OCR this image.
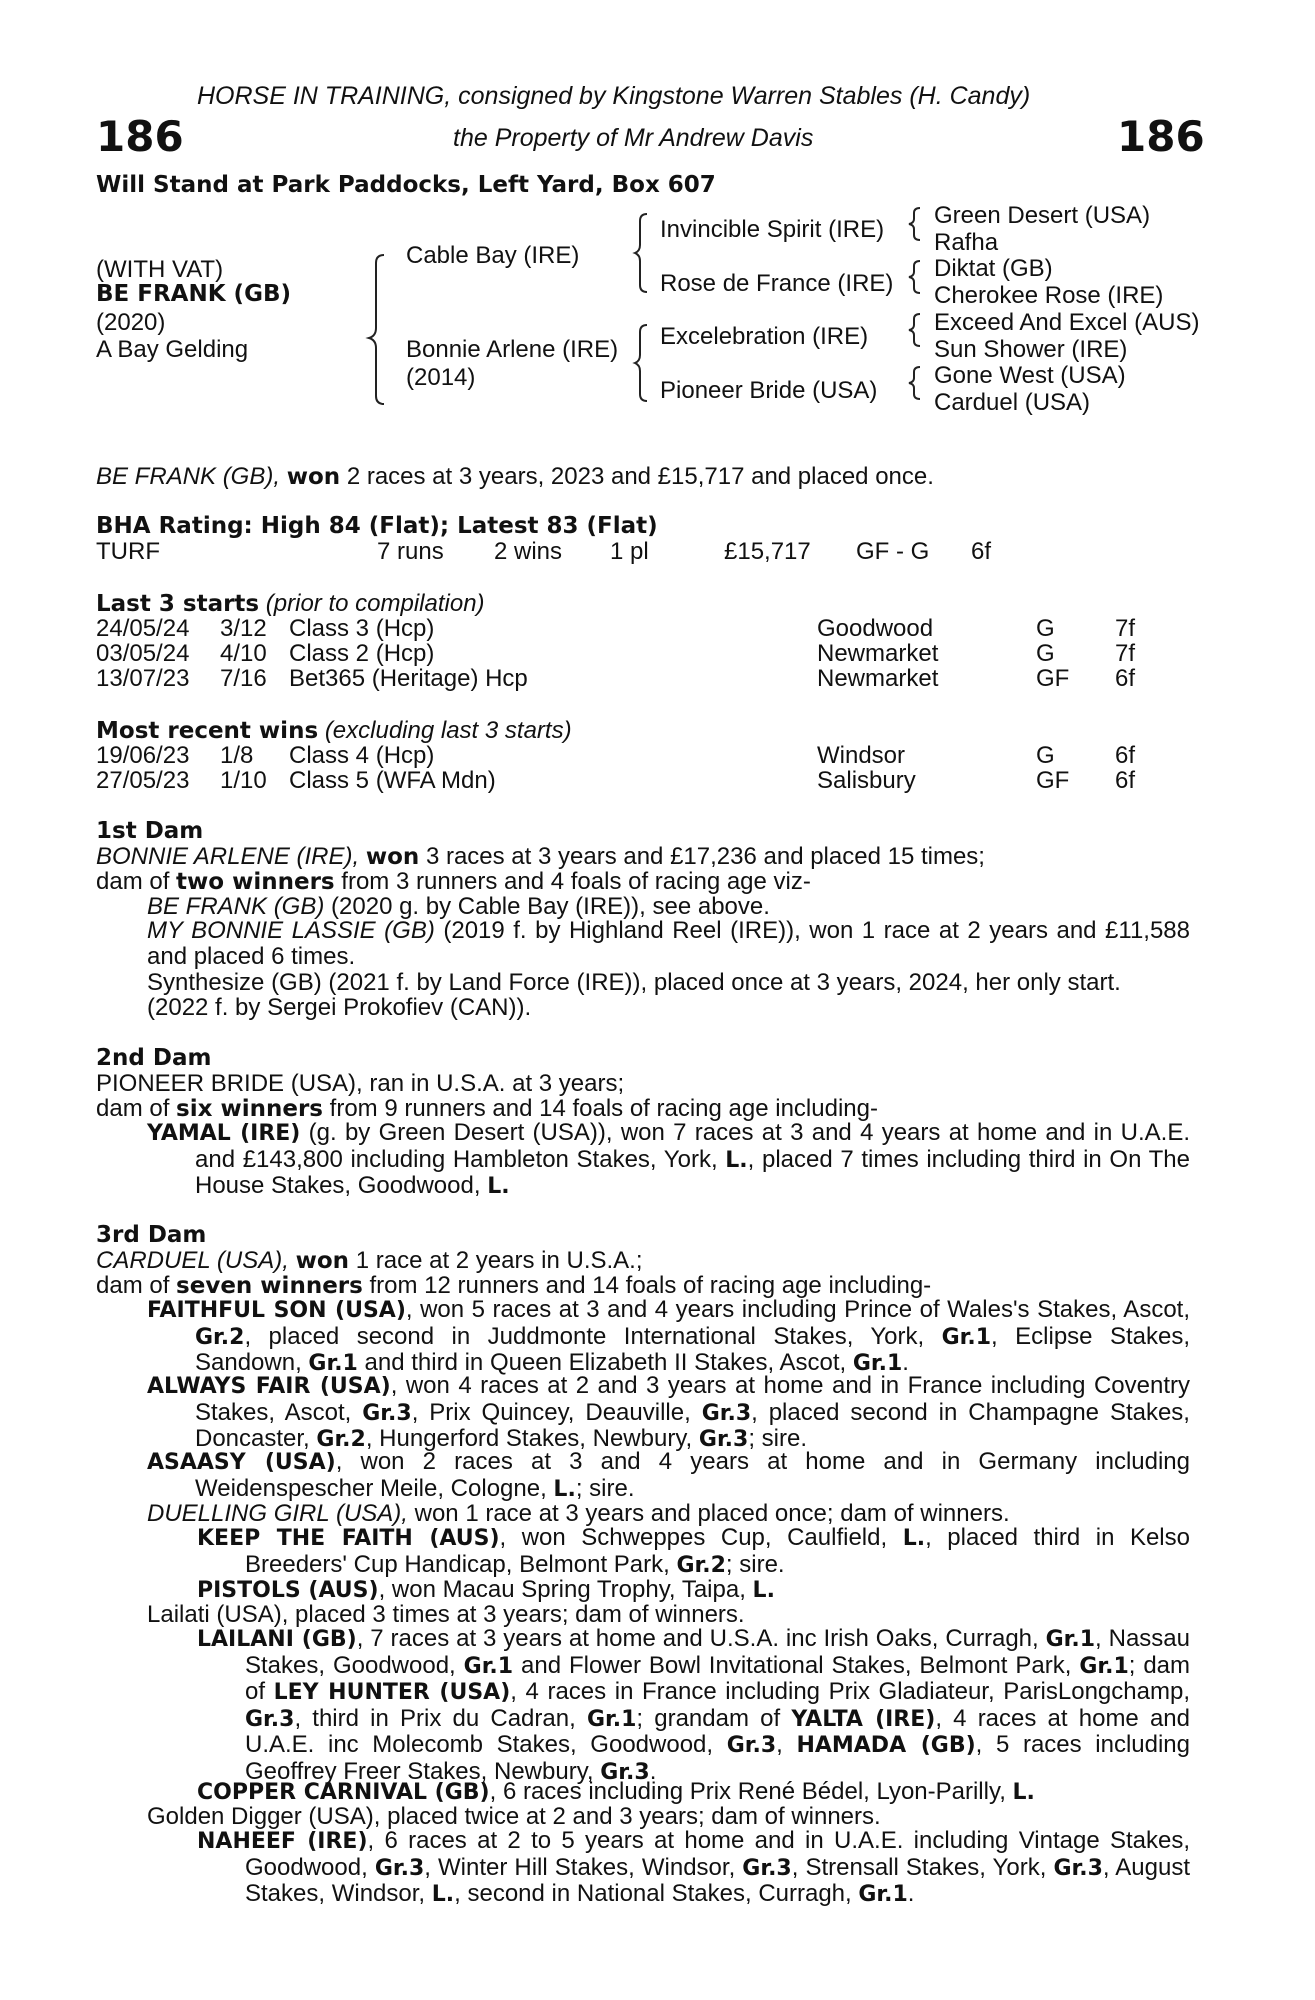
HORSE IN TRAINING, consigned by Kingstone Warren Stables (H. Candy)
186	the Property of Mr Andrew Davis	186
Will Stand at Park Paddocks, Left Yard, Box 607
(WITH VAT)
BE FRANK (GB)
(2020)
A Bay Gelding
Cable Bay (IRE)
Bonnie Arlene (IRE)
(2014)
Invincible Spirit (IRE)
Rose de France (IRE)
Excelebration (IRE)
Pioneer Bride (USA)
Green Desert (USA)
Rafha
Diktat (GB)
Cherokee Rose (IRE)
Exceed And Excel (AUS)
Sun Shower (IRE)
Gone West (USA)
Carduel (USA)
BE FRANK (GB), won 2 races at 3 years, 2023 and £15,717 and placed once.
BHA Rating: High 84 (Flat); Latest 83 (Flat)
TURF	7 runs 2 wins 1 pl	£15,717 GF - G 6f
Last 3 starts (prior to compilation)
24/05/24 3/12 Class 3 (Hcp)	Goodwood	G	7f
03/05/24 4/10 Class 2 (Hcp)	Newmarket	G	7f
13/07/23 7/16 Bet365 (Heritage) Hcp	Newmarket	GF 6f
Most recent wins (excluding last 3 starts)
19/06/23 1/8 Class 4 (Hcp)	Windsor	G	6f
27/05/23 1/10 Class 5 (WFA Mdn)	Salisbury	GF 6f
1st Dam
BONNIE ARLENE (IRE), won 3 races at 3 years and £17,236 and placed 15 times;
dam of two winners from 3 runners and 4 foals of racing age viz-
BE FRANK (GB) (2020 g. by Cable Bay (IRE)), see above.
MY BONNIE LASSIE (GB) (2019 f. by Highland Reel (IRE)), won 1 race at 2 years and £11,588 and placed 6 times.
Synthesize (GB) (2021 f. by Land Force (IRE)), placed once at 3 years, 2024, her only start.
(2022 f. by Sergei Prokofiev (CAN)).
2nd Dam
PIONEER BRIDE (USA), ran in U.S.A. at 3 years;
dam of six winners from 9 runners and 14 foals of racing age including-
YAMAL (IRE) (g. by Green Desert (USA)), won 7 races at 3 and 4 years at home and in U.A.E. and £143,800 including Hambleton Stakes, York, L., placed 7 times including third in On The House Stakes, Goodwood, L.
3rd Dam
CARDUEL (USA), won 1 race at 2 years in U.S.A.;
dam of seven winners from 12 runners and 14 foals of racing age including-
FAITHFUL SON (USA), won 5 races at 3 and 4 years including Prince of Wales's Stakes, Ascot, Gr.2, placed second in Juddmonte International Stakes, York, Gr.1, Eclipse Stakes, Sandown, Gr.1 and third in Queen Elizabeth II Stakes, Ascot, Gr.1.
ALWAYS FAIR (USA), won 4 races at 2 and 3 years at home and in France including Coventry Stakes, Ascot, Gr.3, Prix Quincey, Deauville, Gr.3, placed second in Champagne Stakes, Doncaster, Gr.2, Hungerford Stakes, Newbury, Gr.3; sire.
ASAASY (USA), won 2 races at 3 and 4 years at home and in Germany including Weidenspescher Meile, Cologne, L.; sire.
DUELLING GIRL (USA), won 1 race at 3 years and placed once; dam of winners.
KEEP THE FAITH (AUS), won Schweppes Cup, Caulfield, L., placed third in Kelso Breeders' Cup Handicap, Belmont Park, Gr.2; sire.
PISTOLS (AUS), won Macau Spring Trophy, Taipa, L.
Lailati (USA), placed 3 times at 3 years; dam of winners.
LAILANI (GB), 7 races at 3 years at home and U.S.A. inc Irish Oaks, Curragh, Gr.1, Nassau Stakes, Goodwood, Gr.1 and Flower Bowl Invitational Stakes, Belmont Park, Gr.1; dam of LEY HUNTER (USA), 4 races in France including Prix Gladiateur, ParisLongchamp, Gr.3, third in Prix du Cadran, Gr.1; grandam of YALTA (IRE), 4 races at home and U.A.E. inc Molecomb Stakes, Goodwood, Gr.3, HAMADA (GB), 5 races including Geoffrey Freer Stakes, Newbury, Gr.3.
COPPER CARNIVAL (GB), 6 races including Prix René Bédel, Lyon-Parilly, L.
Golden Digger (USA), placed twice at 2 and 3 years; dam of winners.
NAHEEF (IRE), 6 races at 2 to 5 years at home and in U.A.E. including Vintage Stakes, Goodwood, Gr.3, Winter Hill Stakes, Windsor, Gr.3, Strensall Stakes, York, Gr.3, August Stakes, Windsor, L., second in National Stakes, Curragh, Gr.1.
